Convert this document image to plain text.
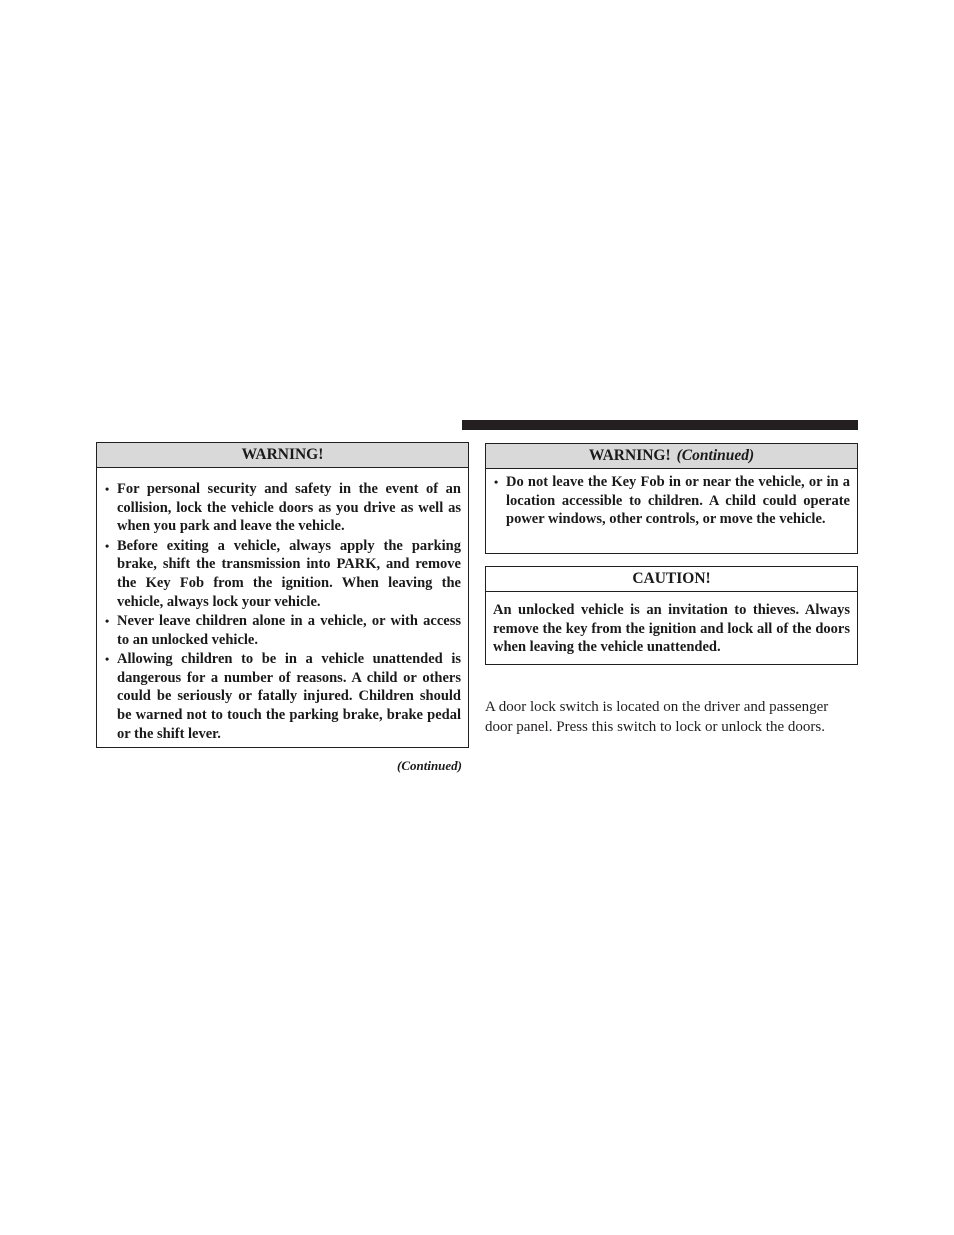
WARNING!
• For personal security and safety in the event of an collision, lock the vehicle doors as you drive as well as when you park and leave the vehicle.
• Before exiting a vehicle, always apply the parking brake, shift the transmission into PARK, and remove the Key Fob from the ignition. When leaving the vehicle, always lock your vehicle.
• Never leave children alone in a vehicle, or with access to an unlocked vehicle.
• Allowing children to be in a vehicle unattended is dangerous for a number of reasons. A child or others could be seriously or fatally injured. Children should be warned not to touch the parking brake, brake pedal or the shift lever.
(Continued)
WARNING! (Continued)
• Do not leave the Key Fob in or near the vehicle, or in a location accessible to children. A child could operate power windows, other controls, or move the vehicle.
CAUTION!
An unlocked vehicle is an invitation to thieves. Always remove the key from the ignition and lock all of the doors when leaving the vehicle unattended.
A door lock switch is located on the driver and passenger door panel. Press this switch to lock or unlock the doors.
